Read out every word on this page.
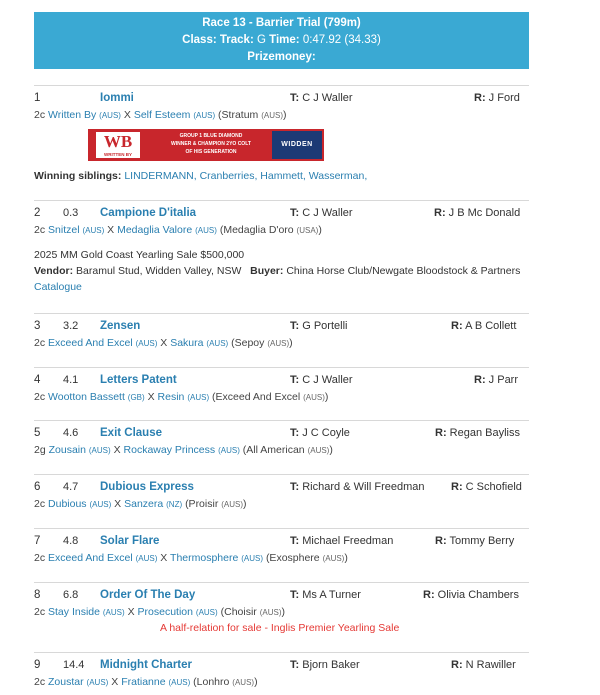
Race 13 - Barrier Trial (799m)
Class: Track: G Time: 0:47.92 (34.33)
Prizemoney:
1	Iommi	T: C J Waller	R: J Ford
2c Written By (AUS) X Self Esteem (AUS) (Stratum (AUS))
2 0.3 Campione D'italia	T: C J Waller	R: J B Mc Donald
2c Snitzel (AUS) X Medaglia Valore (AUS) (Medaglia D'oro (USA))
3 3.2 Zensen	T: G Portelli	R: A B Collett
2c Exceed And Excel (AUS) X Sakura (AUS) (Sepoy (AUS))
4 4.1 Letters Patent	T: C J Waller	R: J Parr
2c Wootton Bassett (GB) X Resin (AUS) (Exceed And Excel (AUS))
5 4.6 Exit Clause	T: J C Coyle	R: Regan Bayliss
2g Zousain (AUS) X Rockaway Princess (AUS) (All American (AUS))
6 4.7 Dubious Express	T: Richard & Will Freedman R: C Schofield
2c Dubious (AUS) X Sanzera (NZ) (Proisir (AUS))
7 4.8 Solar Flare	T: Michael Freedman	R: Tommy Berry
2c Exceed And Excel (AUS) X Thermosphere (AUS) (Exosphere (AUS))
8 6.8 Order Of The Day	T: Ms A Turner	R: Olivia Chambers
2c Stay Inside (AUS) X Prosecution (AUS) (Choisir (AUS))
9 14.4 Midnight Charter	T: Bjorn Baker	R: N Rawiller
2c Zoustar (AUS) X Fratianne (AUS) (Lonhro (AUS))
WB
WRITTEN BY
GROUP 1 BLUE DIAMOND
WINNER & CHAMPION 2YO COLT
OF HIS GENERATION
WIDDEN
Winning siblings: LINDERMANN, Cranberries, Hammett, Wasserman,
2025 MM Gold Coast Yearling Sale $500,000
Vendor: Baramul Stud, Widden Valley, NSW Buyer: China Horse Club/Newgate Bloodstock & Partners
Catalogue
A half-relation for sale - Inglis Premier Yearling Sale
